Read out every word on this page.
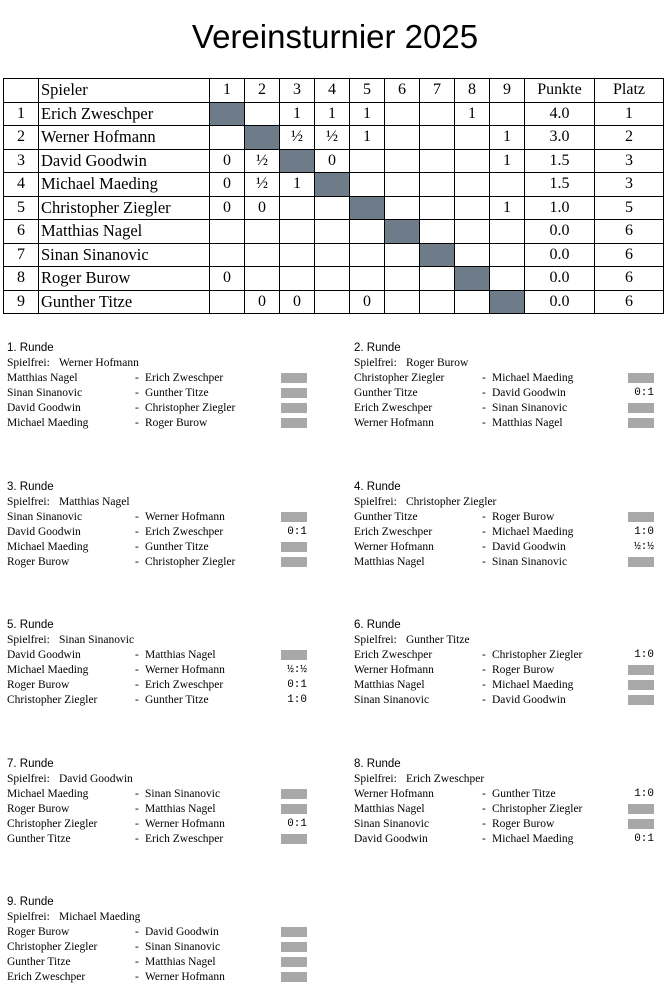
Vereinsturnier 2025
	Spieler	1	2	3	4	5	6	7	8	9	Punkte	Platz
1	Erich Zweschper			1	1	1			1		4.0	1
2	Werner Hofmann			½	½	1				1	3.0	2
3	David Goodwin	0	½		0					1	1.5	3
4	Michael Maeding	0	½	1							1.5	3
5	Christopher Ziegler	0	0							1	1.0	5
6	Matthias Nagel										0.0	6
7	Sinan Sinanovic										0.0	6
8	Roger Burow	0									0.0	6
9	Gunther Titze		0	0		0					0.0	6
1. Runde
Spielfrei: Werner Hofmann
Matthias Nagel	- Erich Zweschper
Sinan Sinanovic	- Gunther Titze
David Goodwin	- Christopher Ziegler
Michael Maeding	- Roger Burow
2. Runde
Spielfrei: Roger Burow
Christopher Ziegler	- Michael Maeding
Gunther Titze	- David Goodwin	0:1
Erich Zweschper	- Sinan Sinanovic
Werner Hofmann	- Matthias Nagel
3. Runde
Spielfrei: Matthias Nagel
Sinan Sinanovic	- Werner Hofmann
David Goodwin	- Erich Zweschper	0:1
Michael Maeding	- Gunther Titze
Roger Burow	- Christopher Ziegler
4. Runde
Spielfrei: Christopher Ziegler
Gunther Titze	- Roger Burow
Erich Zweschper	- Michael Maeding	1:0
Werner Hofmann	- David Goodwin	½:½
Matthias Nagel	- Sinan Sinanovic
5. Runde
Spielfrei: Sinan Sinanovic
David Goodwin	- Matthias Nagel
Michael Maeding	- Werner Hofmann	½:½
Roger Burow	- Erich Zweschper	0:1
Christopher Ziegler	- Gunther Titze	1:0
6. Runde
Spielfrei: Gunther Titze
Erich Zweschper	- Christopher Ziegler	1:0
Werner Hofmann	- Roger Burow
Matthias Nagel	- Michael Maeding
Sinan Sinanovic	- David Goodwin
7. Runde
Spielfrei: David Goodwin
Michael Maeding	- Sinan Sinanovic
Roger Burow	- Matthias Nagel
Christopher Ziegler	- Werner Hofmann	0:1
Gunther Titze	- Erich Zweschper
8. Runde
Spielfrei: Erich Zweschper
Werner Hofmann	- Gunther Titze	1:0
Matthias Nagel	- Christopher Ziegler
Sinan Sinanovic	- Roger Burow
David Goodwin	- Michael Maeding	0:1
9. Runde
Spielfrei: Michael Maeding
Roger Burow	- David Goodwin
Christopher Ziegler	- Sinan Sinanovic
Gunther Titze	- Matthias Nagel
Erich Zweschper	- Werner Hofmann
